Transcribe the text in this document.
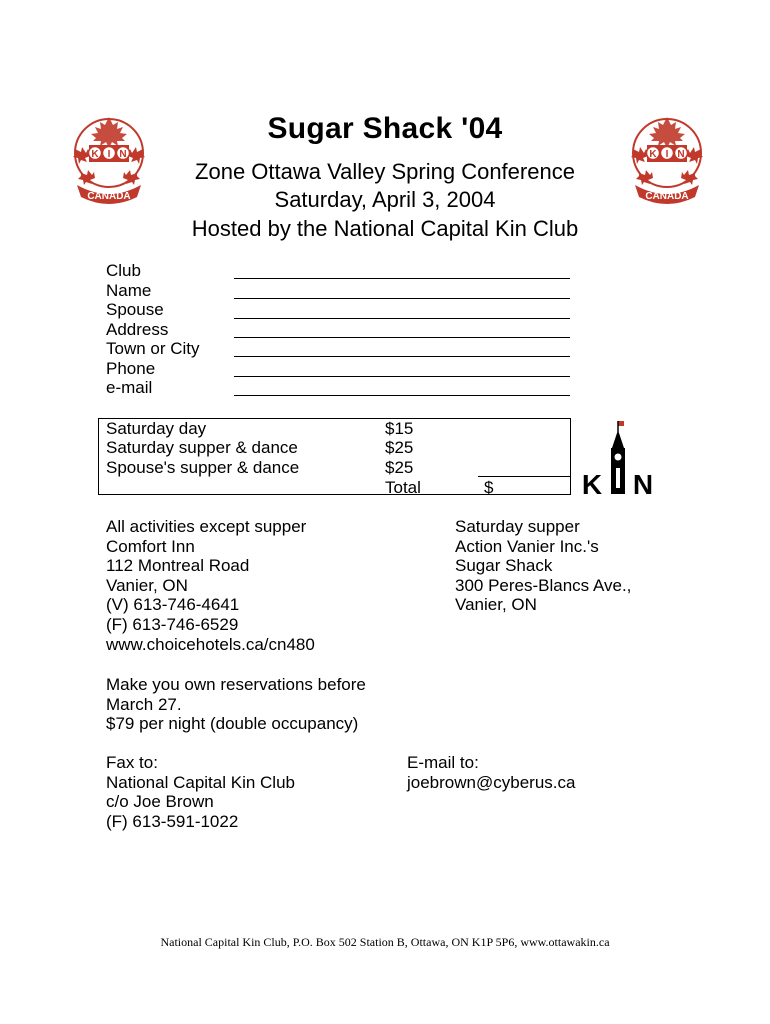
K I N
CANADA
K I N
CANADA
Sugar Shack '04
Zone Ottawa Valley Spring Conference
Saturday, April 3, 2004
Hosted by the National Capital Kin Club
Club
Name
Spouse
Address
Town or City
Phone
e-mail
Saturday day	$15
Saturday supper & dance	$25
Spouse's supper & dance	$25
Total	$	K N
All activities except supper
Comfort Inn
112 Montreal Road
Vanier, ON
(V) 613-746-4641
(F) 613-746-6529
www.choicehotels.ca/cn480
Saturday supper
Action Vanier Inc.'s
Sugar Shack
300 Peres-Blancs Ave.,
Vanier, ON
Make you own reservations before
March 27.
$79 per night (double occupancy)
Fax to:
National Capital Kin Club
c/o Joe Brown
(F) 613-591-1022
E-mail to:
joebrown@cyberus.ca
National Capital Kin Club, P.O. Box 502 Station B, Ottawa, ON K1P 5P6, www.ottawakin.ca
